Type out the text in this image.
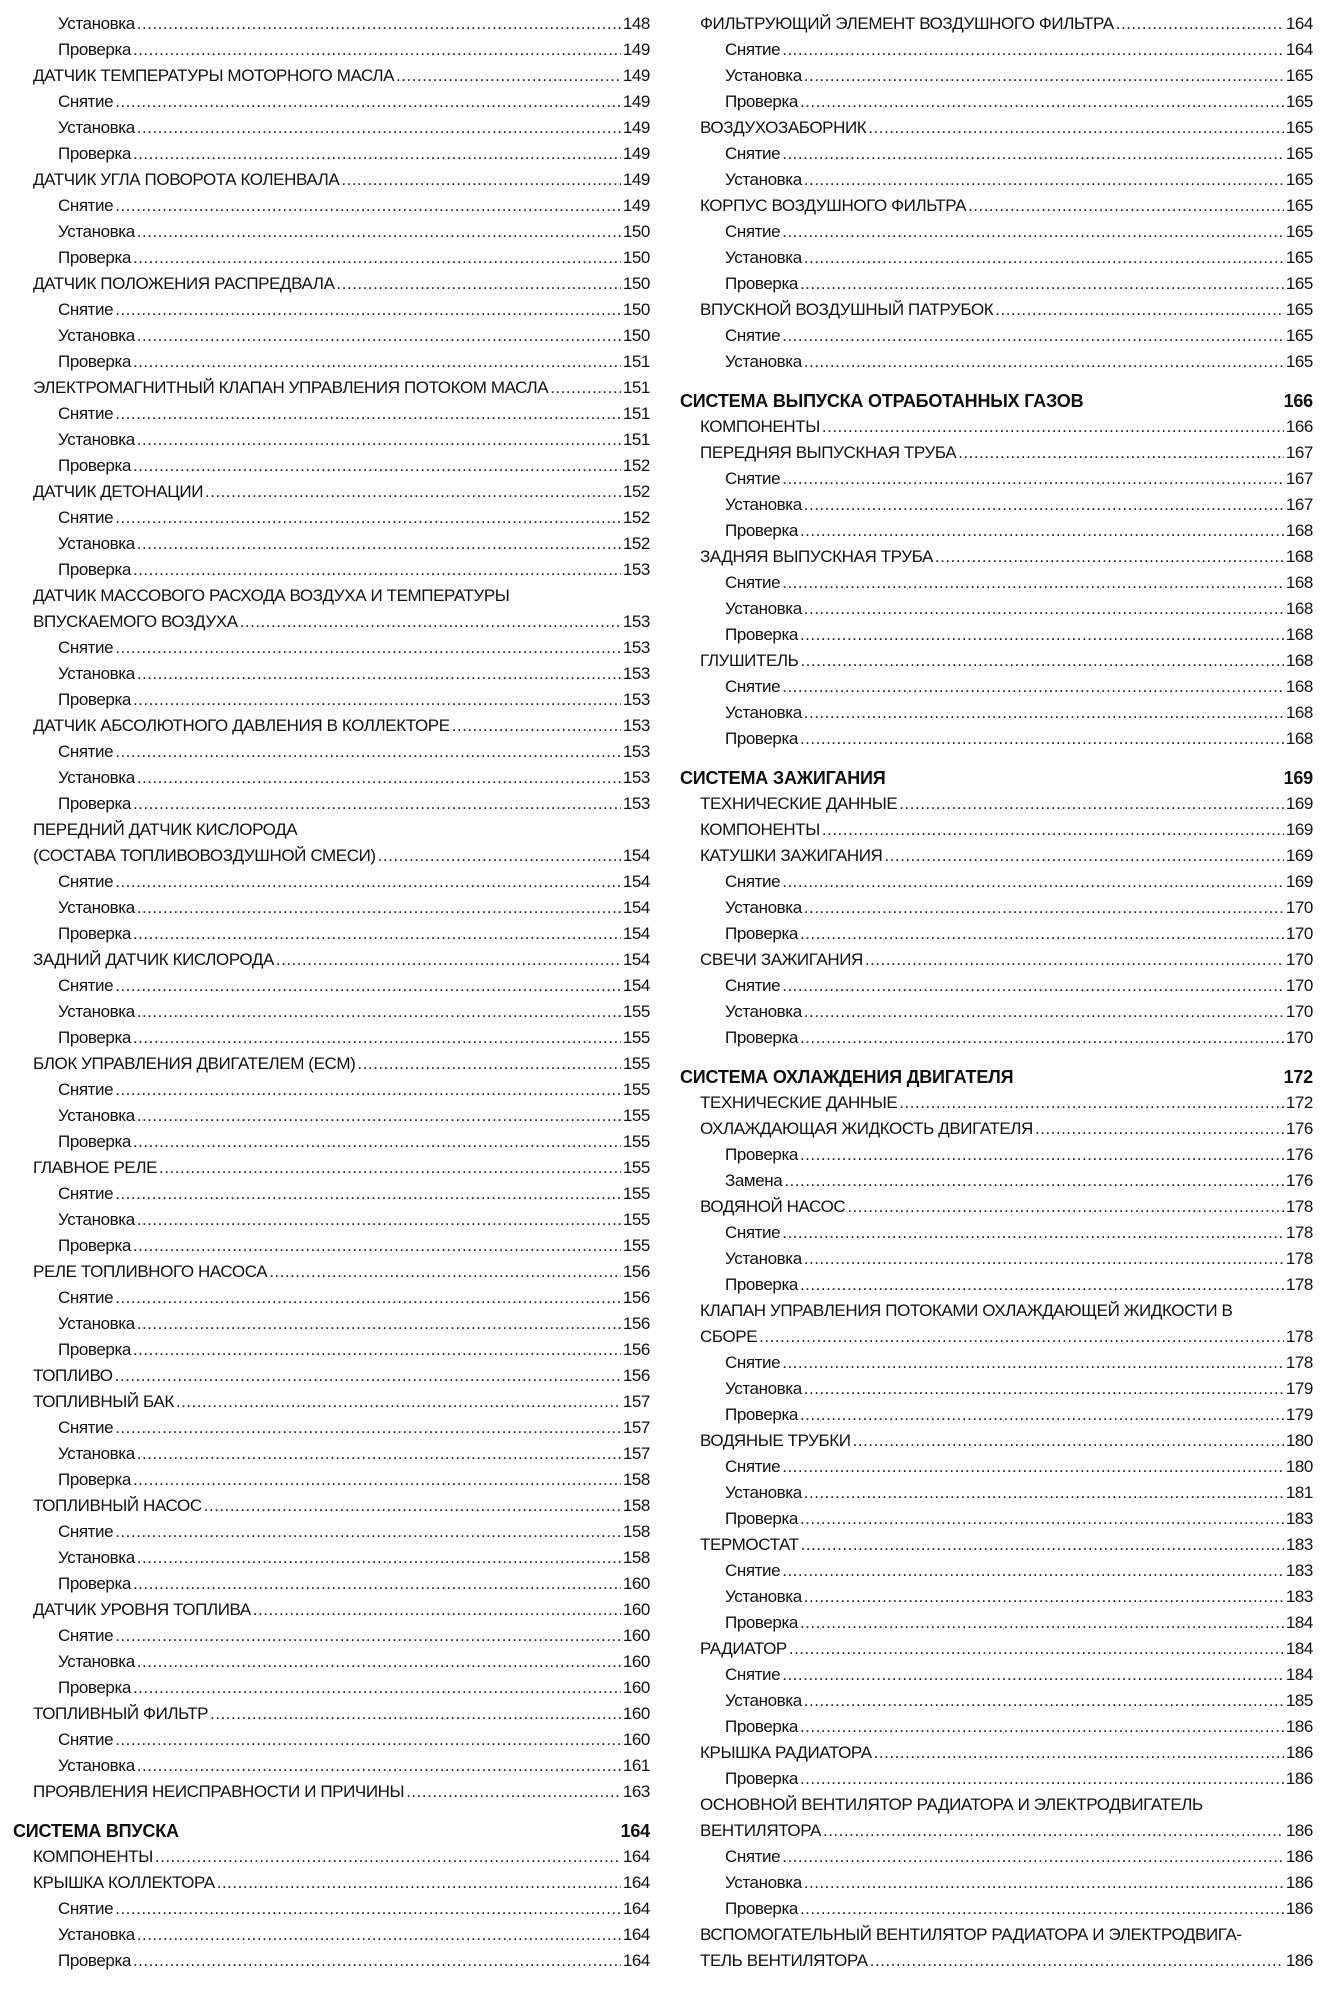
Установка .....	148
Проверка .....	149
ДАТЧИК ТЕМПЕРАТУРЫ МОТОРНОГО МАСЛА .....	149
Снятие .....	149
Установка .....	149
Проверка .....	149
ДАТЧИК УГЛА ПОВОРОТА КОЛЕНВАЛА .....	149
Снятие .....	149
Установка .....	150
Проверка .....	150
ДАТЧИК ПОЛОЖЕНИЯ РАСПРЕДВАЛА .....	150
Снятие .....	150
Установка .....	150
Проверка .....	151
ЭЛЕКТРОМАГНИТНЫЙ КЛАПАН УПРАВЛЕНИЯ ПОТОКОМ МАСЛА .....	151
Снятие .....	151
Установка .....	151
Проверка .....	152
ДАТЧИК ДЕТОНАЦИИ .....	152
Снятие .....	152
Установка .....	152
Проверка .....	153
ДАТЧИК МАССОВОГО РАСХОДА ВОЗДУХА И ТЕМПЕРАТУРЫ
ВПУСКАЕМОГО ВОЗДУХА .....	153
Снятие .....	153
Установка .....	153
Проверка .....	153
ДАТЧИК АБСОЛЮТНОГО ДАВЛЕНИЯ В КОЛЛЕКТОРЕ .....	153
Снятие .....	153
Установка .....	153
Проверка .....	153
ПЕРЕДНИЙ ДАТЧИК КИСЛОРОДА
(СОСТАВА ТОПЛИВОВОЗДУШНОЙ СМЕСИ) .....	154
Снятие .....	154
Установка .....	154
Проверка .....	154
ЗАДНИЙ ДАТЧИК КИСЛОРОДА .....	154
Снятие .....	154
Установка .....	155
Проверка .....	155
БЛОК УПРАВЛЕНИЯ ДВИГАТЕЛЕМ (ECM) .....	155
Снятие .....	155
Установка .....	155
Проверка .....	155
ГЛАВНОЕ РЕЛЕ .....	155
Снятие .....	155
Установка .....	155
Проверка .....	155
РЕЛЕ ТОПЛИВНОГО НАСОСА .....	156
Снятие .....	156
Установка .....	156
Проверка .....	156
ТОПЛИВО .....	156
ТОПЛИВНЫЙ БАК .....	157
Снятие .....	157
Установка .....	157
Проверка .....	158
ТОПЛИВНЫЙ НАСОС .....	158
Снятие .....	158
Установка .....	158
Проверка .....	160
ДАТЧИК УРОВНЯ ТОПЛИВА .....	160
Снятие .....	160
Установка .....	160
Проверка .....	160
ТОПЛИВНЫЙ ФИЛЬТР .....	160
Снятие .....	160
Установка .....	161
ПРОЯВЛЕНИЯ НЕИСПРАВНОСТИ И ПРИЧИНЫ .....	163
СИСТЕМА ВПУСКА	164
КОМПОНЕНТЫ .....	164
КРЫШКА КОЛЛЕКТОРА .....	164
Снятие .....	164
Установка .....	164
Проверка .....	164
ФИЛЬТРУЮЩИЙ ЭЛЕМЕНТ ВОЗДУШНОГО ФИЛЬТРА .....	164
Снятие .....	164
Установка .....	165
Проверка .....	165
ВОЗДУХОЗАБОРНИК .....	165
Снятие .....	165
Установка .....	165
КОРПУС ВОЗДУШНОГО ФИЛЬТРА .....	165
Снятие .....	165
Установка .....	165
Проверка .....	165
ВПУСКНОЙ ВОЗДУШНЫЙ ПАТРУБОК .....	165
Снятие .....	165
Установка .....	165
СИСТЕМА ВЫПУСКА ОТРАБОТАННЫХ ГАЗОВ	166
КОМПОНЕНТЫ .....	166
ПЕРЕДНЯЯ ВЫПУСКНАЯ ТРУБА .....	167
Снятие .....	167
Установка .....	167
Проверка .....	168
ЗАДНЯЯ ВЫПУСКНАЯ ТРУБА .....	168
Снятие .....	168
Установка .....	168
Проверка .....	168
ГЛУШИТЕЛЬ .....	168
Снятие .....	168
Установка .....	168
Проверка .....	168
СИСТЕМА ЗАЖИГАНИЯ	169
ТЕХНИЧЕСКИЕ ДАННЫЕ .....	169
КОМПОНЕНТЫ .....	169
КАТУШКИ ЗАЖИГАНИЯ .....	169
Снятие .....	169
Установка .....	170
Проверка .....	170
СВЕЧИ ЗАЖИГАНИЯ .....	170
Снятие .....	170
Установка .....	170
Проверка .....	170
СИСТЕМА ОХЛАЖДЕНИЯ ДВИГАТЕЛЯ	172
ТЕХНИЧЕСКИЕ ДАННЫЕ .....	172
ОХЛАЖДАЮЩАЯ ЖИДКОСТЬ ДВИГАТЕЛЯ .....	176
Проверка .....	176
Замена .....	176
ВОДЯНОЙ НАСОС .....	178
Снятие .....	178
Установка .....	178
Проверка .....	178
КЛАПАН УПРАВЛЕНИЯ ПОТОКАМИ ОХЛАЖДАЮЩЕЙ ЖИДКОСТИ В
СБОРЕ .....	178
Снятие .....	178
Установка .....	179
Проверка .....	179
ВОДЯНЫЕ ТРУБКИ .....	180
Снятие .....	180
Установка .....	181
Проверка .....	183
ТЕРМОСТАТ .....	183
Снятие .....	183
Установка .....	183
Проверка .....	184
РАДИАТОР .....	184
Снятие .....	184
Установка .....	185
Проверка .....	186
КРЫШКА РАДИАТОРА .....	186
Проверка .....	186
ОСНОВНОЙ ВЕНТИЛЯТОР РАДИАТОРА И ЭЛЕКТРОДВИГАТЕЛЬ
ВЕНТИЛЯТОРА .....	186
Снятие .....	186
Установка .....	186
Проверка .....	186
ВСПОМОГАТЕЛЬНЫЙ ВЕНТИЛЯТОР РАДИАТОРА И ЭЛЕКТРОДВИГА-
ТЕЛЬ ВЕНТИЛЯТОРА .....	186
